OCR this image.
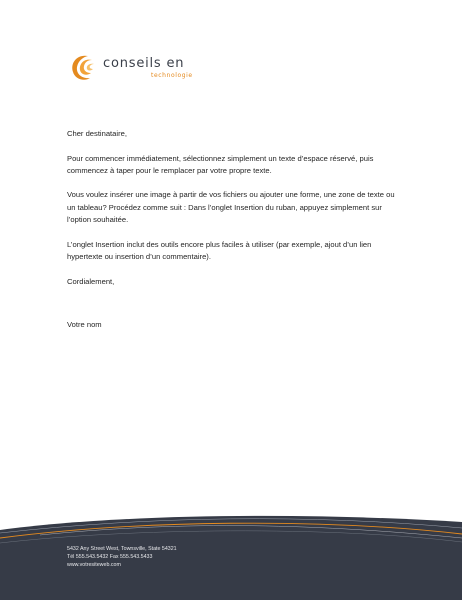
conseils en
technologie

Cher destinataire,

Pour commencer immédiatement, sélectionnez simplement un texte d’espace réservé, puis commencez à taper pour le remplacer par votre propre texte.

Vous voulez insérer une image à partir de vos fichiers ou ajouter une forme, une zone de texte ou un tableau? Procédez comme suit : Dans l’onglet Insertion du ruban, appuyez simplement sur l’option souhaitée.

L’onglet Insertion inclut des outils encore plus faciles à utiliser (par exemple, ajout d’un lien hypertexte ou insertion d’un commentaire).

Cordialement,

Votre nom

5432 Any Street West, Townsville, State 54321
Tél 555.543.5432 Fax 555.543.5433
www.votresiteweb.com
